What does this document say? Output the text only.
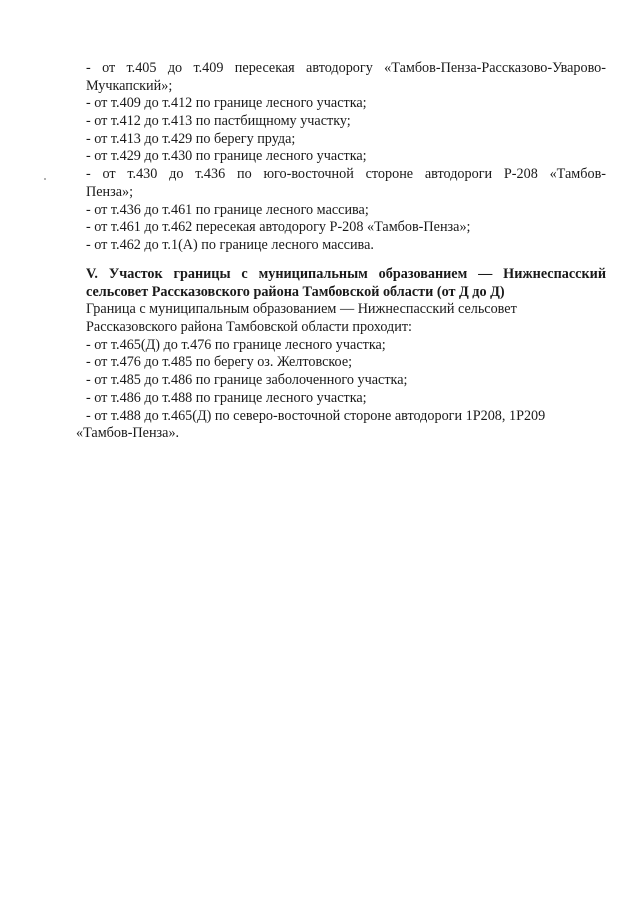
- от т.405 до т.409 пересекая автодорогу «Тамбов-Пенза-Рассказово-Уварово-
Мучкапский»;
- от т.409 до т.412 по границе лесного участка;
- от т.412 до т.413 по пастбищному участку;
- от т.413 до т.429 по берегу пруда;
- от т.429 до т.430 по границе лесного участка;
- от т.430 до т.436 по юго-восточной стороне автодороги Р-208 «Тамбов-
Пенза»;
- от т.436 до т.461 по границе лесного массива;
- от т.461 до т.462 пересекая автодорогу Р-208 «Тамбов-Пенза»;
- от т.462 до т.1(А) по границе лесного массива.
V. Участок границы с муниципальным образованием — Нижнеспасский
сельсовет Рассказовского района Тамбовской области (от Д до Д)
Граница с муниципальным образованием — Нижнеспасский сельсовет
Рассказовского района Тамбовской области проходит:
- от т.465(Д) до т.476 по границе лесного участка;
- от т.476 до т.485 по берегу оз. Желтовское;
- от т.485 до т.486 по границе заболоченного участка;
- от т.486 до т.488 по границе лесного участка;
- от т.488 до т.465(Д) по северо-восточной стороне автодороги 1Р208, 1Р209
«Тамбов-Пенза».
